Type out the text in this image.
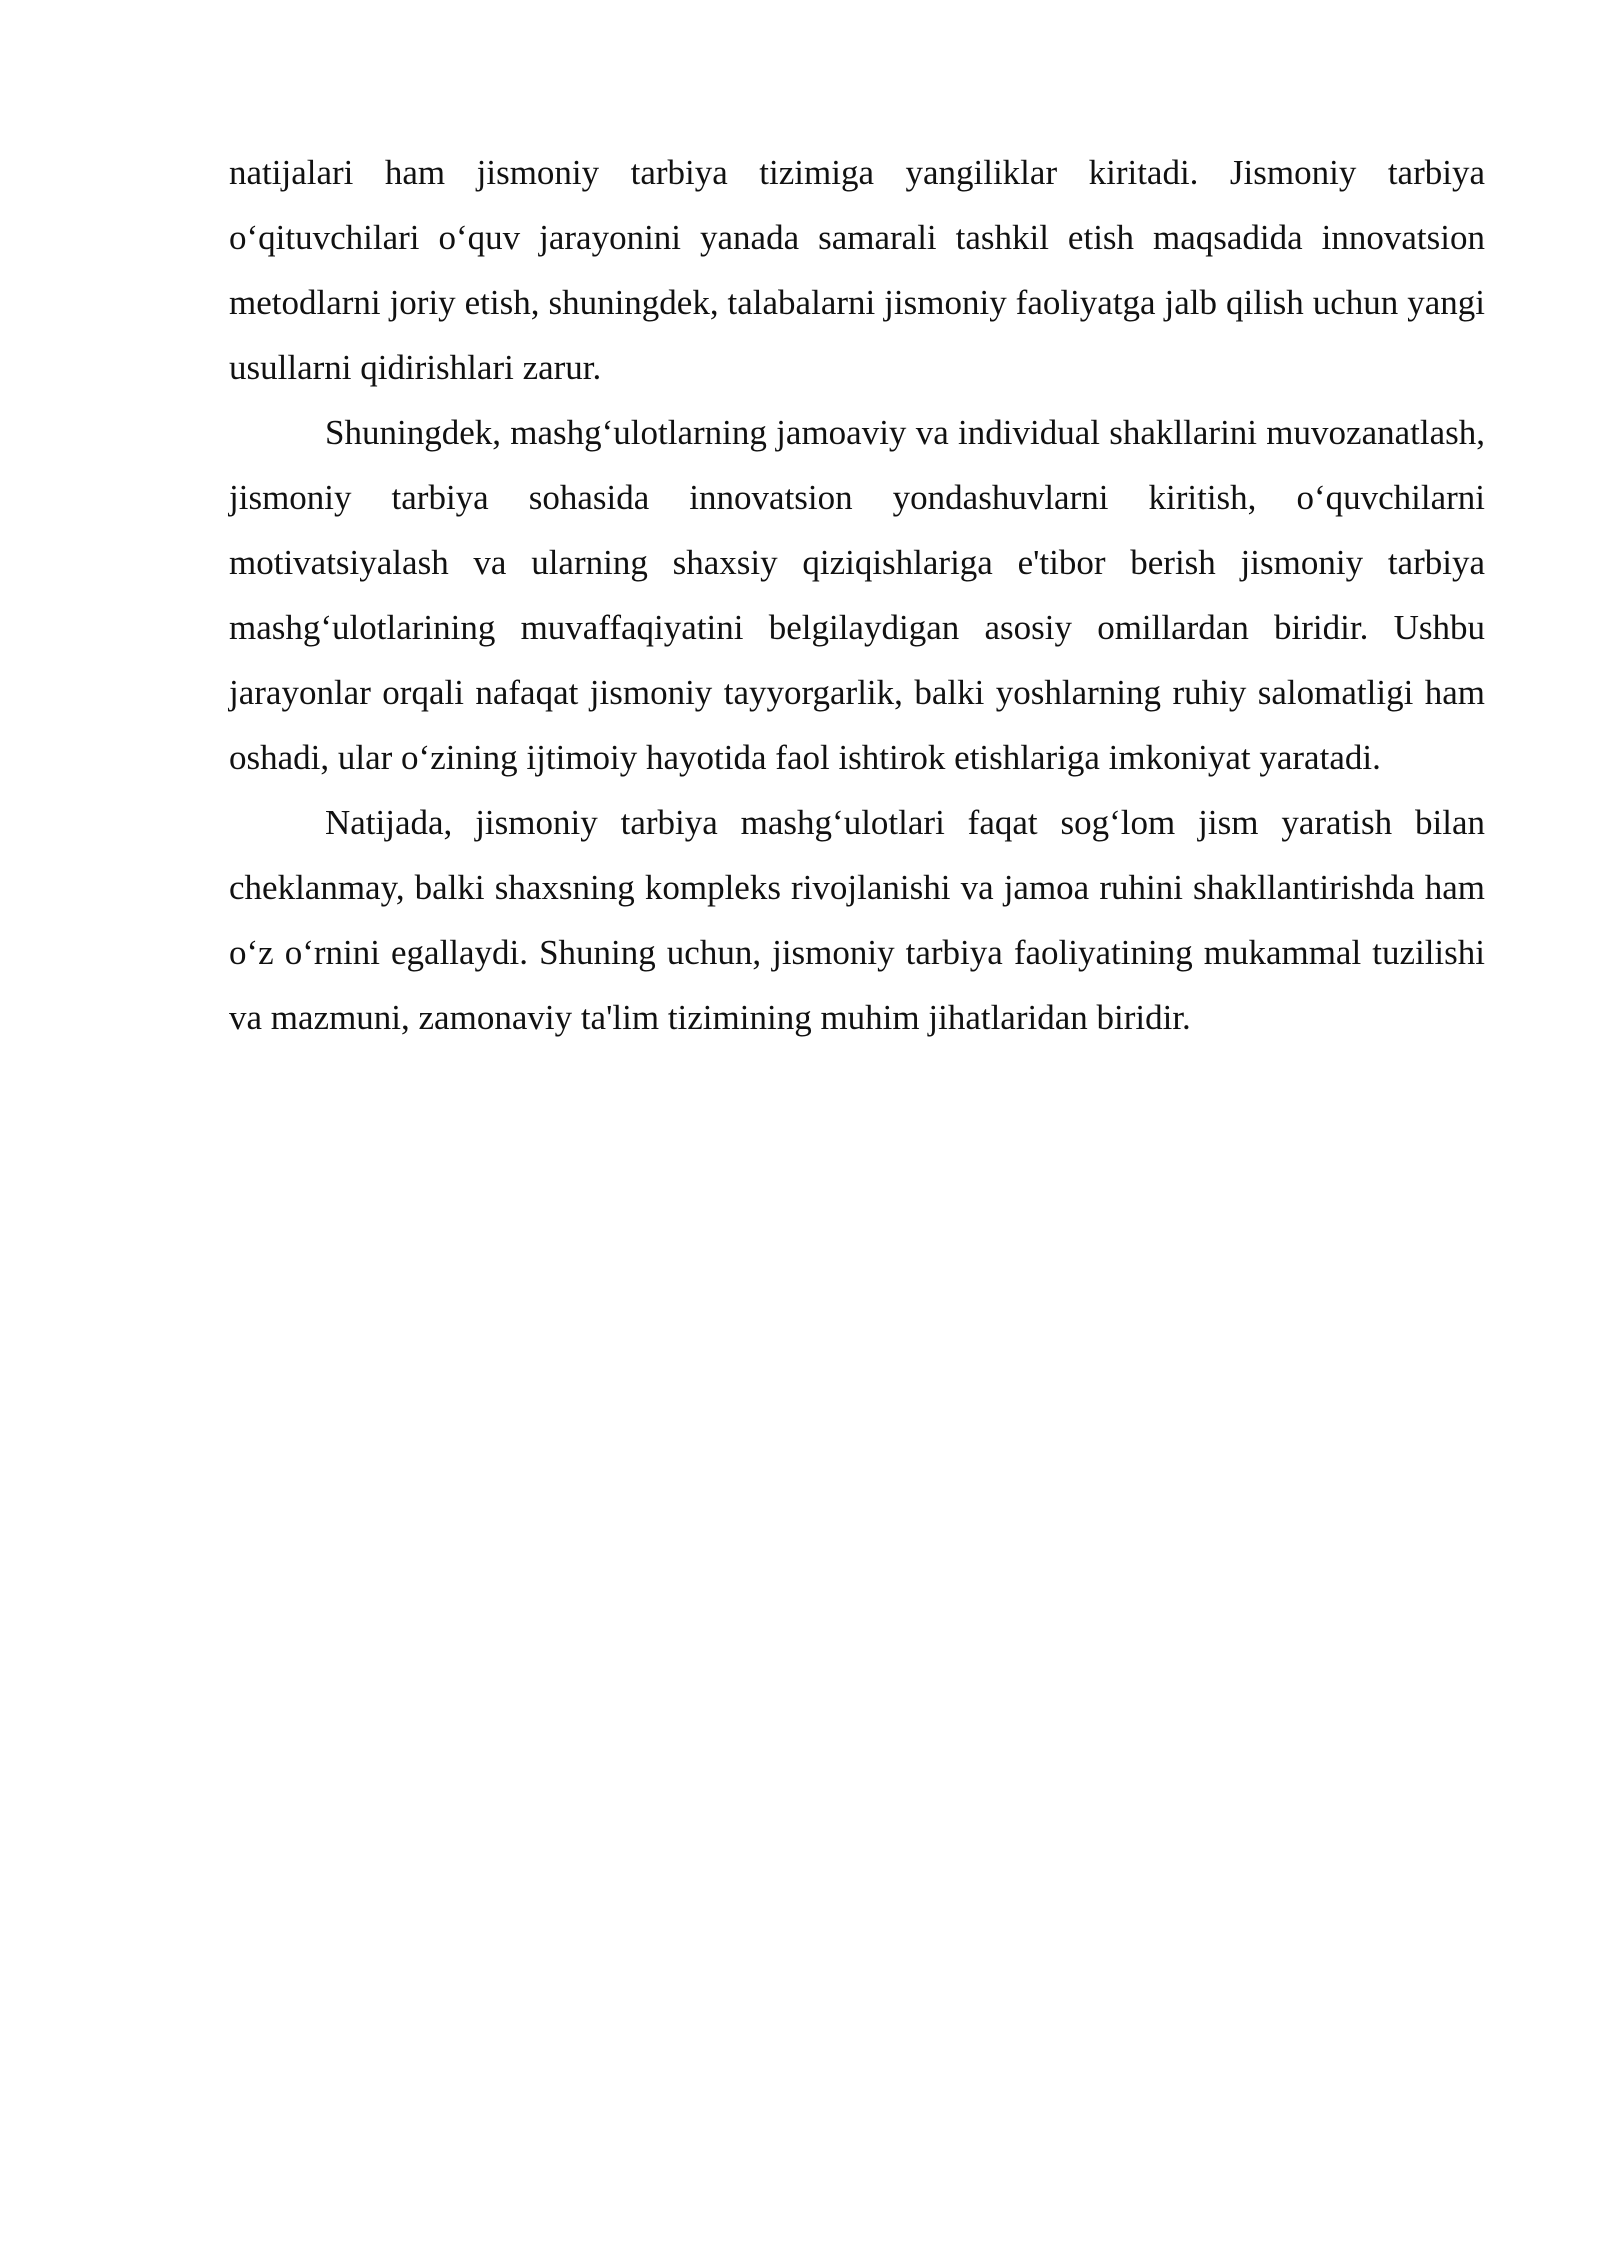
natijalari ham jismoniy tarbiya tizimiga yangiliklar kiritadi. Jismoniy tarbiya o‘qituvchilari o‘quv jarayonini yanada samarali tashkil etish maqsadida innovatsion metodlarni joriy etish, shuningdek, talabalarni jismoniy faoliyatga jalb qilish uchun yangi usullarni qidirishlari zarur.

Shuningdek, mashg‘ulotlarning jamoaviy va individual shakllarini muvozanatlash, jismoniy tarbiya sohasida innovatsion yondashuvlarni kiritish, o‘quvchilarni motivatsiyalash va ularning shaxsiy qiziqishlariga e'tibor berish jismoniy tarbiya mashg‘ulotlarining muvaffaqiyatini belgilaydigan asosiy omillardan biridir. Ushbu jarayonlar orqali nafaqat jismoniy tayyorgarlik, balki yoshlarning ruhiy salomatligi ham oshadi, ular o‘zining ijtimoiy hayotida faol ishtirok etishlariga imkoniyat yaratadi.

Natijada, jismoniy tarbiya mashg‘ulotlari faqat sog‘lom jism yaratish bilan cheklanmay, balki shaxsning kompleks rivojlanishi va jamoa ruhini shakllantirishda ham o‘z o‘rnini egallaydi. Shuning uchun, jismoniy tarbiya faoliyatining mukammal tuzilishi va mazmuni, zamonaviy ta'lim tizimining muhim jihatlaridan biridir.
